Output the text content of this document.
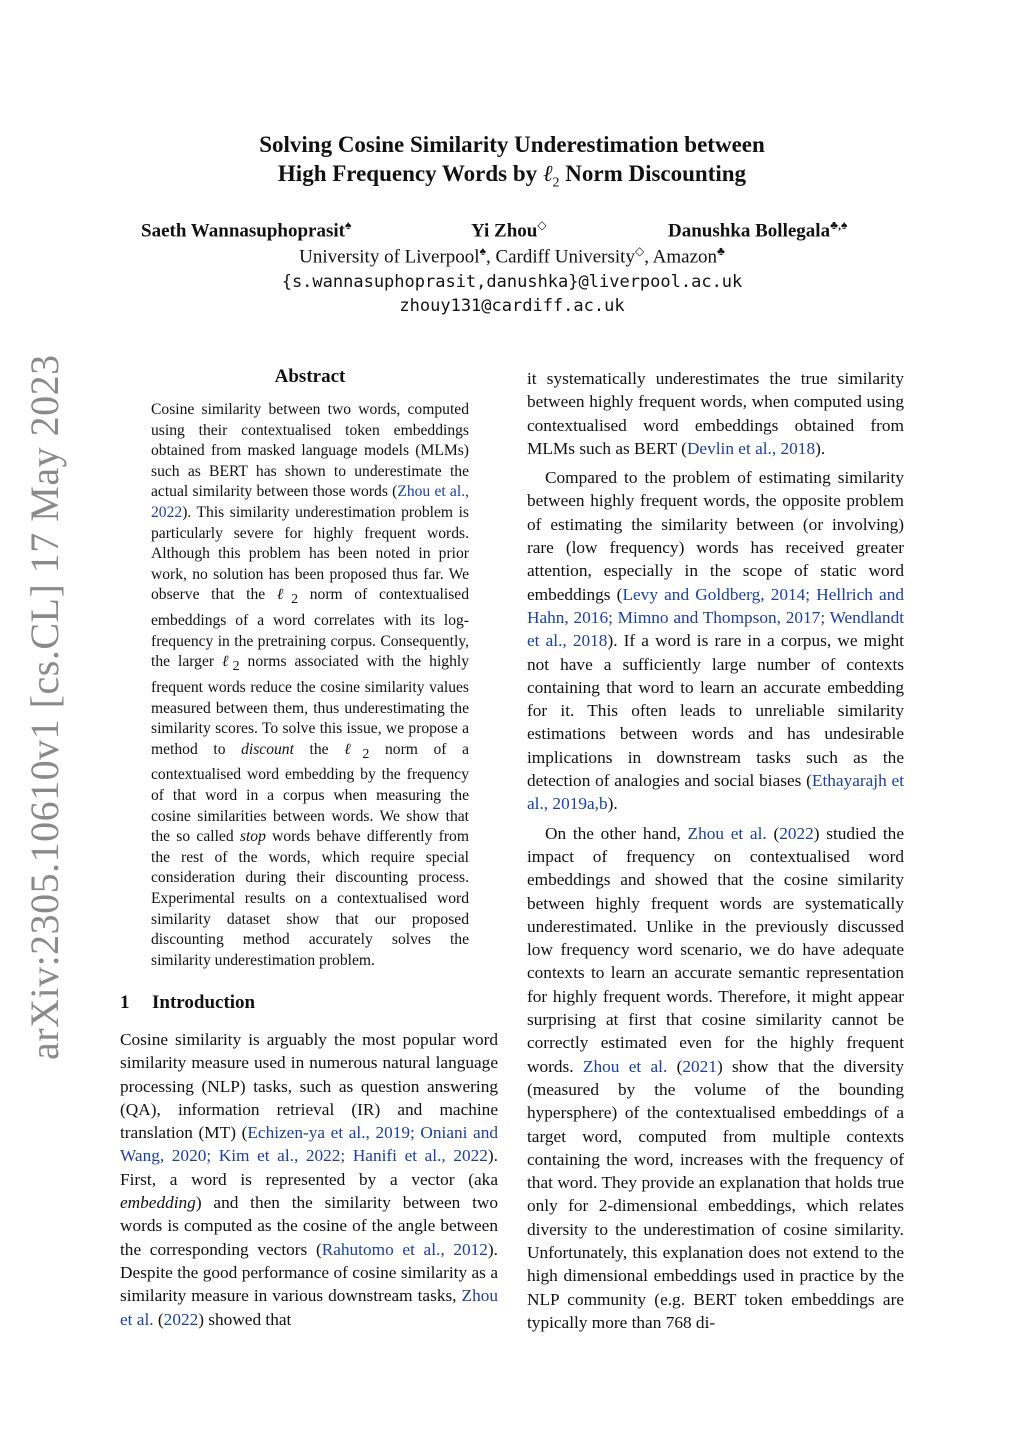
arXiv:2305.10610v1 [cs.CL] 17 May 2023
Solving Cosine Similarity Underestimation between
High Frequency Words by ℓ$_2$ Norm Discounting
Saeth Wannasuphoprasit♠	Yi Zhou◇	Danushka Bollegala♣,♠
University of Liverpool♠, Cardiff University◇, Amazon♣
{s.wannasuphoprasit,danushka}@liverpool.ac.uk
zhouy131@cardiff.ac.uk
Abstract

Cosine similarity between two words, computed using their contextualised token embeddings obtained from masked language models (MLMs) such as BERT has shown to underestimate the actual similarity between those words (Zhou et al., 2022). This similarity underestimation problem is particularly severe for highly frequent words. Although this problem has been noted in prior work, no solution has been proposed thus far. We observe that the ℓ$_2$ norm of contextualised embeddings of a word correlates with its log-frequency in the pretraining corpus. Consequently, the larger ℓ$_2$ norms associated with the highly frequent words reduce the cosine similarity values measured between them, thus underestimating the similarity scores. To solve this issue, we propose a method to discount the ℓ$_2$ norm of a contextualised word embedding by the frequency of that word in a corpus when measuring the cosine similarities between words. We show that the so called stop words behave differently from the rest of the words, which require special consideration during their discounting process. Experimental results on a contextualised word similarity dataset show that our proposed discounting method accurately solves the similarity underestimation problem.

1 Introduction

Cosine similarity is arguably the most popular word similarity measure used in numerous natural language processing (NLP) tasks, such as question answering (QA), information retrieval (IR) and machine translation (MT) (Echizen-ya et al., 2019; Oniani and Wang, 2020; Kim et al., 2022; Hanifi et al., 2022). First, a word is represented by a vector (aka embedding) and then the similarity between two words is computed as the cosine of the angle between the corresponding vectors (Rahutomo et al., 2012). Despite the good performance of cosine similarity as a similarity measure in various downstream tasks, Zhou et al. (2022) showed that

it systematically underestimates the true similarity between highly frequent words, when computed using contextualised word embeddings obtained from MLMs such as BERT (Devlin et al., 2018).

Compared to the problem of estimating similarity between highly frequent words, the opposite problem of estimating the similarity between (or involving) rare (low frequency) words has received greater attention, especially in the scope of static word embeddings (Levy and Goldberg, 2014; Hellrich and Hahn, 2016; Mimno and Thompson, 2017; Wendlandt et al., 2018). If a word is rare in a corpus, we might not have a sufficiently large number of contexts containing that word to learn an accurate embedding for it. This often leads to unreliable similarity estimations between words and has undesirable implications in downstream tasks such as the detection of analogies and social biases (Ethayarajh et al., 2019a,b).

On the other hand, Zhou et al. (2022) studied the impact of frequency on contextualised word embeddings and showed that the cosine similarity between highly frequent words are systematically underestimated. Unlike in the previously discussed low frequency word scenario, we do have adequate contexts to learn an accurate semantic representation for highly frequent words. Therefore, it might appear surprising at first that cosine similarity cannot be correctly estimated even for the highly frequent words. Zhou et al. (2021) show that the diversity (measured by the volume of the bounding hypersphere) of the contextualised embeddings of a target word, computed from multiple contexts containing the word, increases with the frequency of that word. They provide an explanation that holds true only for 2-dimensional embeddings, which relates diversity to the underestimation of cosine similarity. Unfortunately, this explanation does not extend to the high dimensional embeddings used in practice by the NLP community (e.g. BERT token embeddings are typically more than 768 di-
